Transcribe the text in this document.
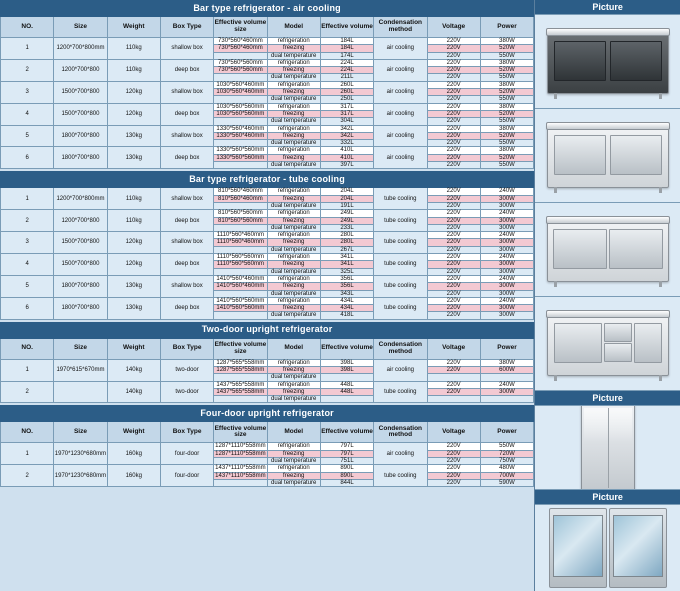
Bar type refrigerator - air cooling									
NO.	Size	Weight	Box Type	Effective volume size	Model	Effective volume	Condensation method	Voltage	Power
1	1200*700*800mm	110kg	shallow box	730*560*460mm	refrigeration	184L	air cooling	220V	380W
				730*560*460mm	freezing	184L		220V	520W
					dual temperature	174L		220V	550W
2	1200*700*800	110kg	deep box	730*560*560mm	refrigeration	224L	air cooling	220V	380W
				730*560*560mm	freezing	224L		220V	520W
					dual temperature	211L		220V	550W
3	1500*700*800	120kg	shallow box	1030*560*460mm	refrigeration	260L	air cooling	220V	380W
				1030*560*460mm	freezing	260L		220V	520W
					dual temperature	250L		220V	550W
4	1500*700*800	120kg	deep box	1030*560*560mm	refrigeration	317L	air cooling	220V	380W
				1030*560*560mm	freezing	317L		220V	520W
					dual temperature	304L		220V	550W
5	1800*700*800	130kg	shallow box	1330*560*460mm	refrigeration	342L	air cooling	220V	380W
				1330*560*460mm	freezing	342L		220V	520W
					dual temperature	332L		220V	550W
6	1800*700*800	130kg	deep box	1330*560*560mm	refrigeration	410L	air cooling	220V	380W
				1330*560*560mm	freezing	410L		220V	520W
					dual temperature	397L		220V	550W
Bar type refrigerator - tube cooling									
1	1200*700*800mm	110kg	shallow box	810*560*460mm	refrigeration	204L	tube cooling	220V	240W
				810*560*460mm	freezing	204L		220V	300W
					dual temperature	191L		220V	300W
2	1200*700*800	110kg	deep box	810*560*560mm	refrigeration	249L	tube cooling	220V	240W
				810*560*560mm	freezing	249L		220V	300W
					dual temperature	233L		220V	300W
3	1500*700*800	120kg	shallow box	1110*560*460mm	refrigeration	280L	tube cooling	220V	240W
				1110*560*460mm	freezing	280L		220V	300W
					dual temperature	267L		220V	300W
4	1500*700*800	120kg	deep box	1110*560*560mm	refrigeration	341L	tube cooling	220V	240W
				1110*560*560mm	freezing	341L		220V	300W
					dual temperature	325L		220V	300W
5	1800*700*800	130kg	shallow box	1410*560*460mm	refrigeration	356L	tube cooling	220V	240W
				1410*560*460mm	freezing	356L		220V	300W
					dual temperature	343L		220V	300W
6	1800*700*800	130kg	deep box	1410*560*560mm	refrigeration	434L	tube cooling	220V	240W
				1410*560*560mm	freezing	434L		220V	300W
					dual temperature	418L		220V	300W
Two-door upright refrigerator									
NO.	Size	Weight	Box Type	Effective volume size	Model	Effective volume	Condensation method	Voltage	Power
1	1970*615*670mm	140kg	two-door	1287*565*558mm	refrigeration	398L	air cooling	220V	380W
				1287*565*558mm	freezing	398L		220V	600W
					dual temperature				
2		140kg	two-door	1437*565*558mm	refrigeration	448L	tube cooling	220V	240W
				1437*565*558mm	freezing	448L		220V	300W
					dual temperature				
Four-door upright refrigerator									
NO.	Size	Weight	Box Type	Effective volume size	Model	Effective volume	Condensation method	Voltage	Power
1	1970*1230*680mm	160kg	four-door	1287*1110*558mm	refrigeration	797L	air cooling	220V	550W
				1287*1110*558mm	freezing	797L		220V	720W
					dual temperature	751L		220V	750W
2	1970*1230*680mm	160kg	four-door	1437*1110*558mm	refrigeration	890L	tube cooling	220V	480W
				1437*1110*558mm	freezing	890L		220V	700W
					dual temperature	844L		220V	590W
Picture
Picture
Picture
